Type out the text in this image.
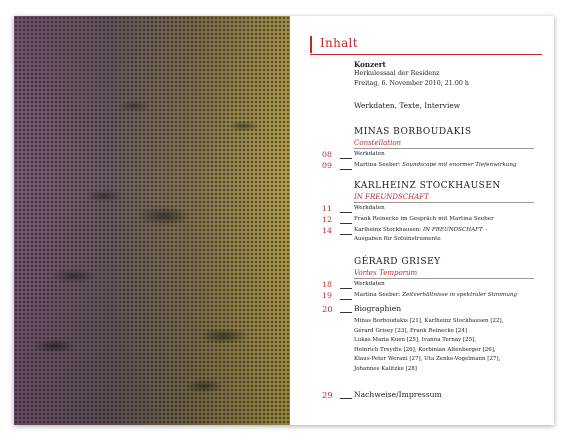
Inhalt
Konzert
Herkulessaal der Residenz
Freitag, 6. November 2010, 21.00 h
Werkdaten, Texte, Interview
MINAS BORBOUDAKIS
Constellation
08	Werkdaten
09	Martina Seeber: Soundscape mit enormer Tiefenwirkung
KARLHEINZ STOCKHAUSEN
IN FREUNDSCHAFT
11	Werkdaten
12	Frank Reinecke im Gespräch mit Martina Seeber
14	Karlheinz Stockhausen: IN FREUNDSCHAFT –
Ausgaben für Soloinstrumente
GÉRARD GRISEY
Vortex Temporum
18	Werkdaten
19	Martina Seeber: Zeitverhältnisse in spektraler Stimmung
20	Biographien
Minas Borboudakis [21], Karlheinz Stockhausen [22],
Gérard Grisey [23], Frank Reinecke [24]
Lukas Maria Kuen [25], Ivanna Ternay [25],
Heinrich Treydte [26], Korbinian Altenberger [26],
Klaus-Peter Werani [27], Uta Zenke-Vogelmann [27],
Johannes Kalitzke [28]
29	Nachweise/Impressum
